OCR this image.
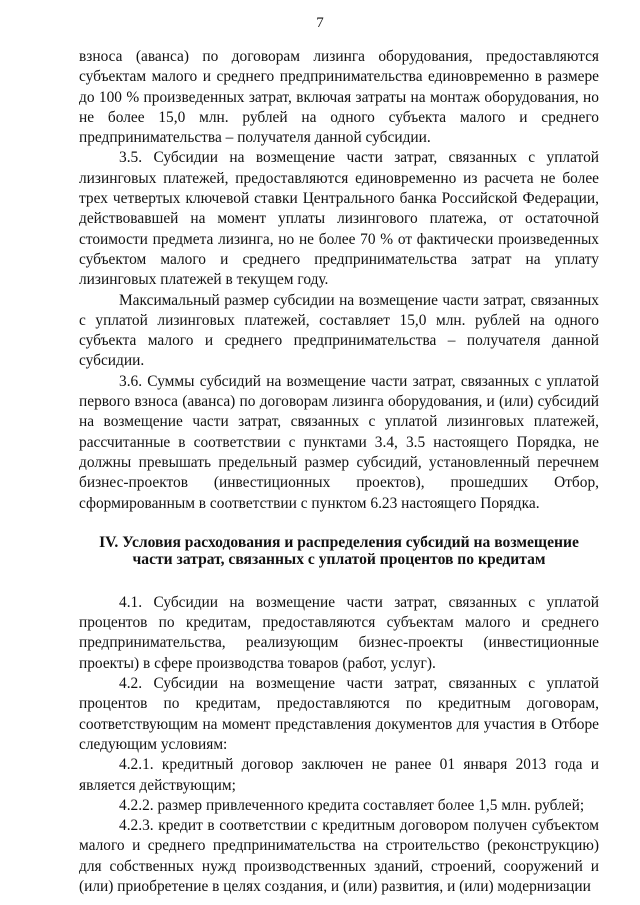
7

взноса (аванса) по договорам лизинга оборудования, предоставляются субъектам малого и среднего предпринимательства единовременно в размере до 100 % произведенных затрат, включая затраты на монтаж оборудования, но не более 15,0 млн. рублей на одного субъекта малого и среднего предпринимательства – получателя данной субсидии.

3.5. Субсидии на возмещение части затрат, связанных с уплатой лизинговых платежей, предоставляются единовременно из расчета не более трех четвертых ключевой ставки Центрального банка Российской Федерации, действовавшей на момент уплаты лизингового платежа, от остаточной стоимости предмета лизинга, но не более 70 % от фактически произведенных субъектом малого и среднего предпринимательства затрат на уплату лизинговых платежей в текущем году.

Максимальный размер субсидии на возмещение части затрат, связанных с уплатой лизинговых платежей, составляет 15,0 млн. рублей на одного субъекта малого и среднего предпринимательства – получателя данной субсидии.

3.6. Суммы субсидий на возмещение части затрат, связанных с уплатой первого взноса (аванса) по договорам лизинга оборудования, и (или) субсидий на возмещение части затрат, связанных с уплатой лизинговых платежей, рассчитанные в соответствии с пунктами 3.4, 3.5 настоящего Порядка, не должны превышать предельный размер субсидий, установленный перечнем бизнес-проектов (инвестиционных проектов), прошедших Отбор, сформированным в соответствии с пунктом 6.23 настоящего Порядка.

IV. Условия расходования и распределения субсидий на возмещение
части затрат, связанных с уплатой процентов по кредитам

4.1. Субсидии на возмещение части затрат, связанных с уплатой процентов по кредитам, предоставляются субъектам малого и среднего предпринимательства, реализующим бизнес-проекты (инвестиционные проекты) в сфере производства товаров (работ, услуг).

4.2. Субсидии на возмещение части затрат, связанных с уплатой процентов по кредитам, предоставляются по кредитным договорам, соответствующим на момент представления документов для участия в Отборе следующим условиям:

4.2.1. кредитный договор заключен не ранее 01 января 2013 года и является действующим;

4.2.2. размер привлеченного кредита составляет более 1,5 млн. рублей;

4.2.3. кредит в соответствии с кредитным договором получен субъектом малого и среднего предпринимательства на строительство (реконструкцию) для собственных нужд производственных зданий, строений, сооружений и (или) приобретение в целях создания, и (или) развития, и (или) модернизации
